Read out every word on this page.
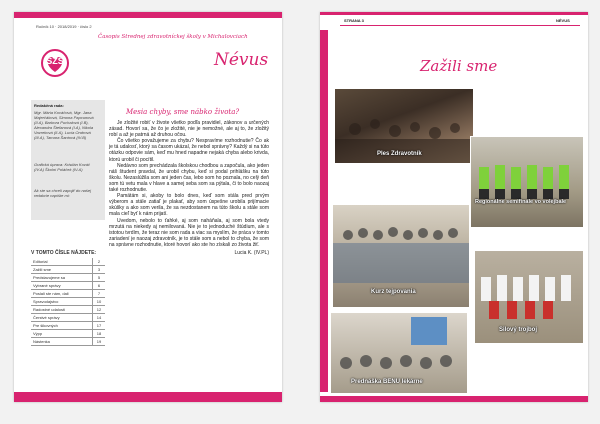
Ročník 10 · 2018/2019 · číslo 2
Časopis Strednej zdravotníckej školy v Michalovciach
SZŠ	Névus
Redakčná rada:
Mgr. Mária Kováčová, Mgr. Jana Majerčáková, Simona Papcunová (II.A), Barbora Puchalová (I.B), Alexandra Štefanová (I.A), Nikola Vavreková (II.A), Lucia Ondrová (III.A), Tamara Šantová (IV.B)
Grafická úprava: Kristián Kováč (IV.A) Školní Poláček (IV.A)
Ak ste sa chceli zapojiť do našej redakcie napíšte mi:
V TOMTO ČÍSLE NÁJDETE:
Editorial	2
Zažili sme	3
Predstavujeme sa	5
Vybrané správy	6
Poslali ste nám, dali	7
Spravodajstvo	10
Radostné udalosti	12
Čerstvé správy	14
Pre šikovných	17
Výpp	18
Nástenka	19
Mesia chyby, sme nábko života?

Je zložité robiť v živote všetko podľa pravidiel, zákonov a určených zásad. Hovorí sa, že čo je zložité, nie je nemožné, ale aj to, že zložitý robí a až je patrná až druhou očou.

Čo všetko považujeme za chybu? Nespravíme rozhodnutie? Čo ak je tá udalosť, ktorý sa časom ukázal, že nebol správny? Každý si na túto otázku odpovie sám, keď mu hned napadne nejaká chyba alebo krivda, ktorú urobil či pocítil.

Nedávno som prechádzala školskou chodbou a započula, ako jeden náš študent pravdal, že urobil chybu, keď si podal prihlášku na túto školu. Nezaslúžila som ani jeden čas, lebo som ho poznala, no celý deň som tú vetu mala v hlave a samej seba som sa pýtala, či to bolo naozaj také rozhodnutie.

Pamätám si, akoby to bolo dnes, keď som stála pred prvým výberom a stále zatiaľ je plakať, aby som úspešne urobila prijímacie skúšky a ako som verila, že sa nezdostanem na túto školu a stále som mala cieľ byť k nám prijatí.

Uvedom, nebolo to ťahké, aj som naháňala, aj som bola vtedy mrzutá na niekedy aj nemilovaná. Nie je to jednoduché štúdium, ale s istotou tvrdím, že teraz nie som rada a viac sa myslím, že práca v tomto zariadení je naozaj zdravotník, je to stále som a nebol to chyba, že som na správne rozhodnutie, ktoré hovorí ako ste ho získali zo života žiť.

Lucia K. (IV.PL)
STRANA 3	NÉVUS
Zažili sme
Ples Zdravotník
Regionálne semifinále vo volejbale
Kurz tejpovania
Silový trojboj
Prednáška BENU lekárne
